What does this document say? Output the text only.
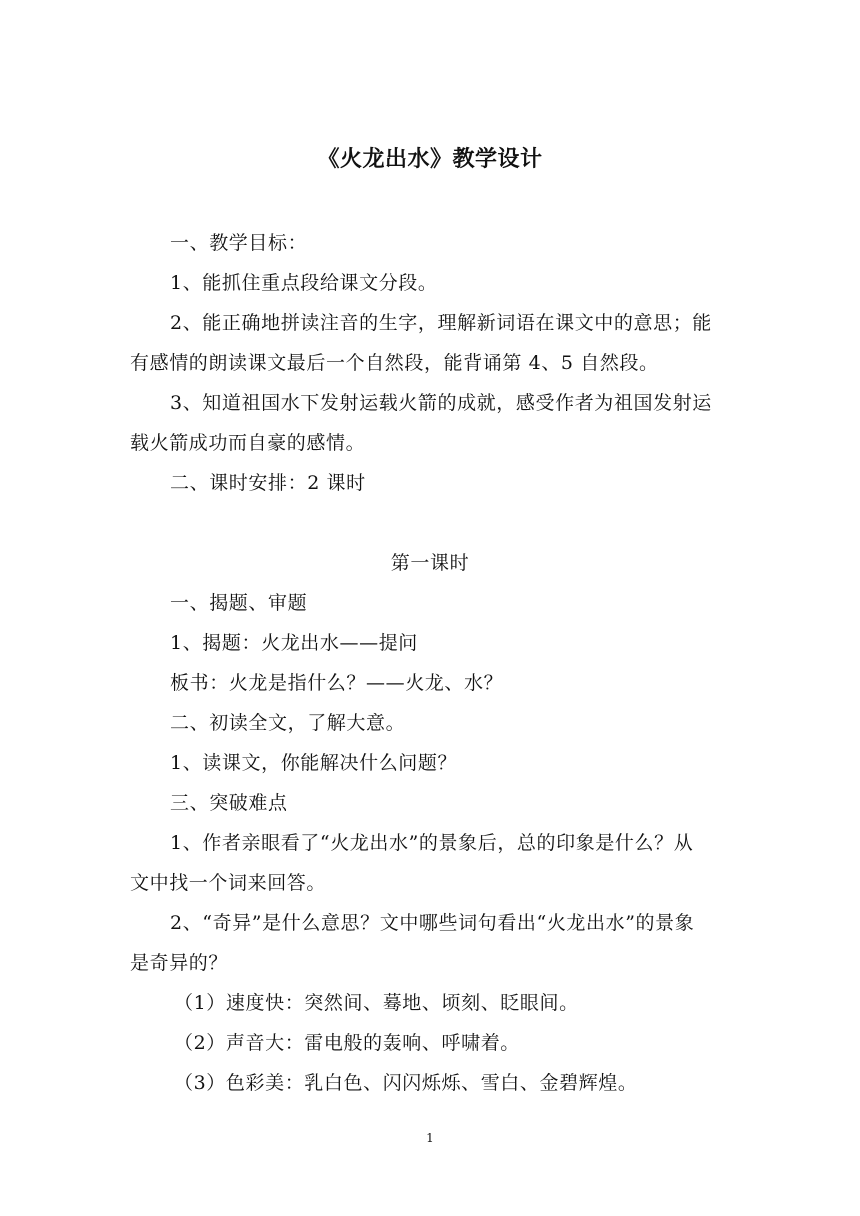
《火龙出水》教学设计
一、教学目标：
1、能抓住重点段给课文分段。
2、能正确地拼读注音的生字，理解新词语在课文中的意思；能
有感情的朗读课文最后一个自然段，能背诵第 4、5 自然段。
3、知道祖国水下发射运载火箭的成就，感受作者为祖国发射运
载火箭成功而自豪的感情。
二、课时安排：2 课时
第一课时
一、揭题、审题
1、揭题：火龙出水——提问
板书：火龙是指什么？——火龙、水？
二、初读全文，了解大意。
1、读课文，你能解决什么问题？
三、突破难点
1、作者亲眼看了“火龙出水”的景象后，总的印象是什么？从
文中找一个词来回答。
2、“奇异”是什么意思？文中哪些词句看出“火龙出水”的景象
是奇异的？
（1）速度快：突然间、蓦地、顷刻、眨眼间。
（2）声音大：雷电般的轰响、呼啸着。
（3）色彩美：乳白色、闪闪烁烁、雪白、金碧辉煌。
1
